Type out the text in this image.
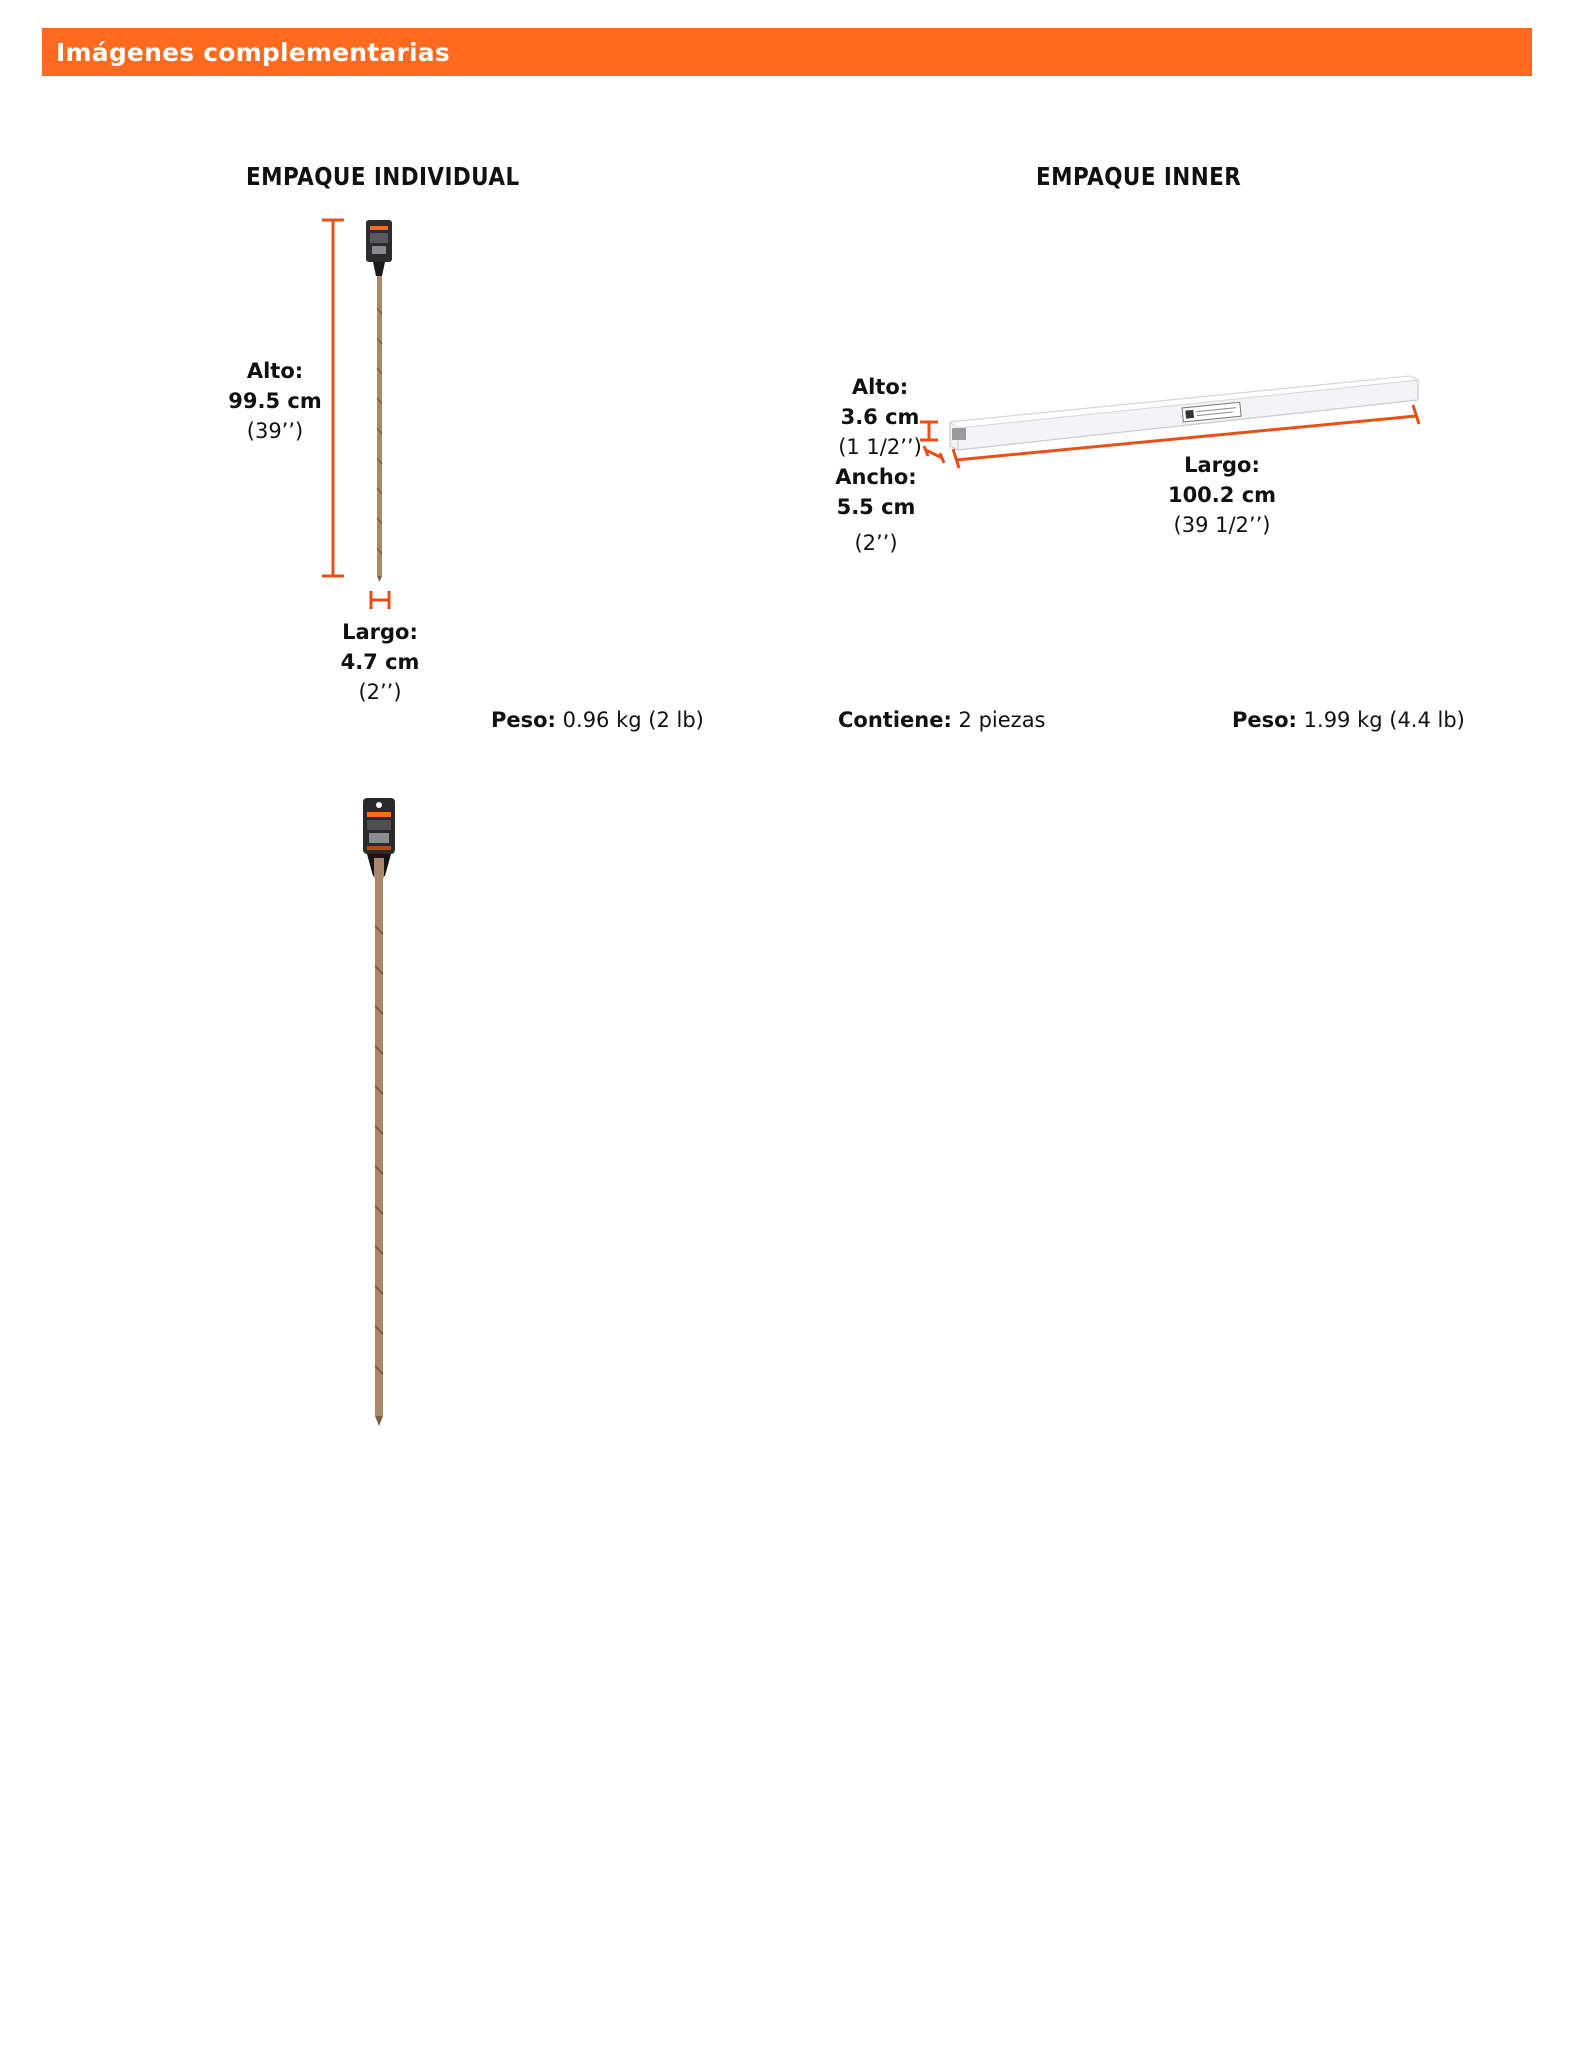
Imágenes complementarias
EMPAQUE INDIVIDUAL
Alto:
99.5 cm
(39’’)
Largo:
4.7 cm
(2’’)
Peso: 0.96 kg (2 lb)
EMPAQUE INNER
Alto:
3.6 cm
(1 1/2’’)
Ancho:
5.5 cm
(2’’)
Largo:
100.2 cm
(39 1/2’’)
Contiene: 2 piezas	Peso: 1.99 kg (4.4 lb)
